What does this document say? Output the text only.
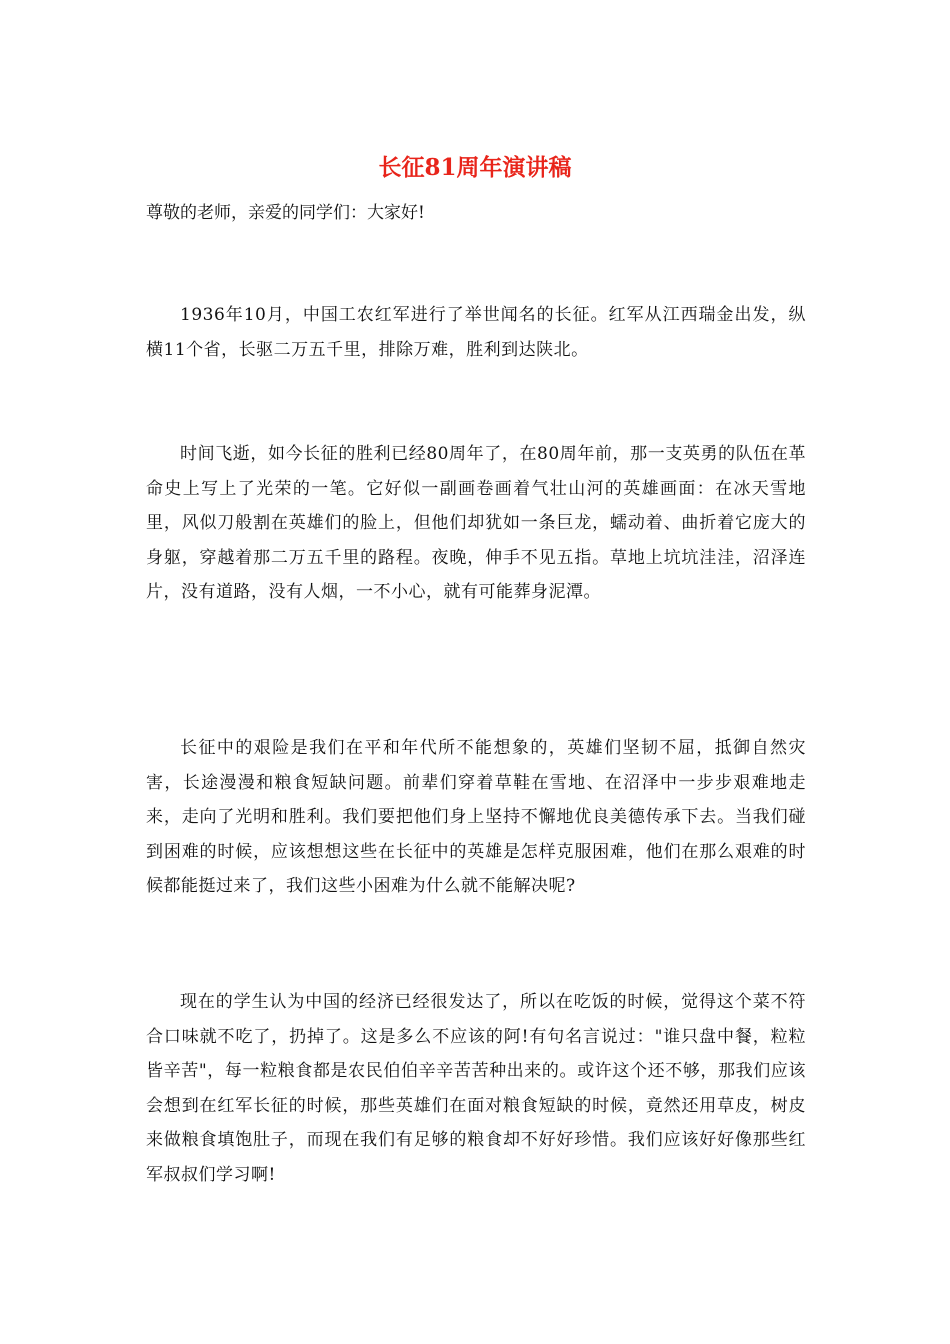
长征81周年演讲稿

尊敬的老师，亲爱的同学们：大家好!

1936年10月，中国工农红军进行了举世闻名的长征。红军从江西瑞金出发，纵横11个省，长驱二万五千里，排除万难，胜利到达陕北。

时间飞逝，如今长征的胜利已经80周年了，在80周年前，那一支英勇的队伍在革命史上写上了光荣的一笔。它好似一副画卷画着气壮山河的英雄画面：在冰天雪地里，风似刀般割在英雄们的脸上，但他们却犹如一条巨龙，蠕动着、曲折着它庞大的身躯，穿越着那二万五千里的路程。夜晚，伸手不见五指。草地上坑坑洼洼，沼泽连片，没有道路，没有人烟，一不小心，就有可能葬身泥潭。

长征中的艰险是我们在平和年代所不能想象的，英雄们坚韧不屈，抵御自然灾害，长途漫漫和粮食短缺问题。前辈们穿着草鞋在雪地、在沼泽中一步步艰难地走来，走向了光明和胜利。我们要把他们身上坚持不懈地优良美德传承下去。当我们碰到困难的时候，应该想想这些在长征中的英雄是怎样克服困难，他们在那么艰难的时候都能挺过来了，我们这些小困难为什么就不能解决呢?

现在的学生认为中国的经济已经很发达了，所以在吃饭的时候，觉得这个菜不符合口味就不吃了，扔掉了。这是多么不应该的阿!有句名言说过："谁只盘中餐，粒粒皆辛苦"，每一粒粮食都是农民伯伯辛辛苦苦种出来的。或许这个还不够，那我们应该会想到在红军长征的时候，那些英雄们在面对粮食短缺的时候，竟然还用草皮，树皮来做粮食填饱肚子，而现在我们有足够的粮食却不好好珍惜。我们应该好好像那些红军叔叔们学习啊!
